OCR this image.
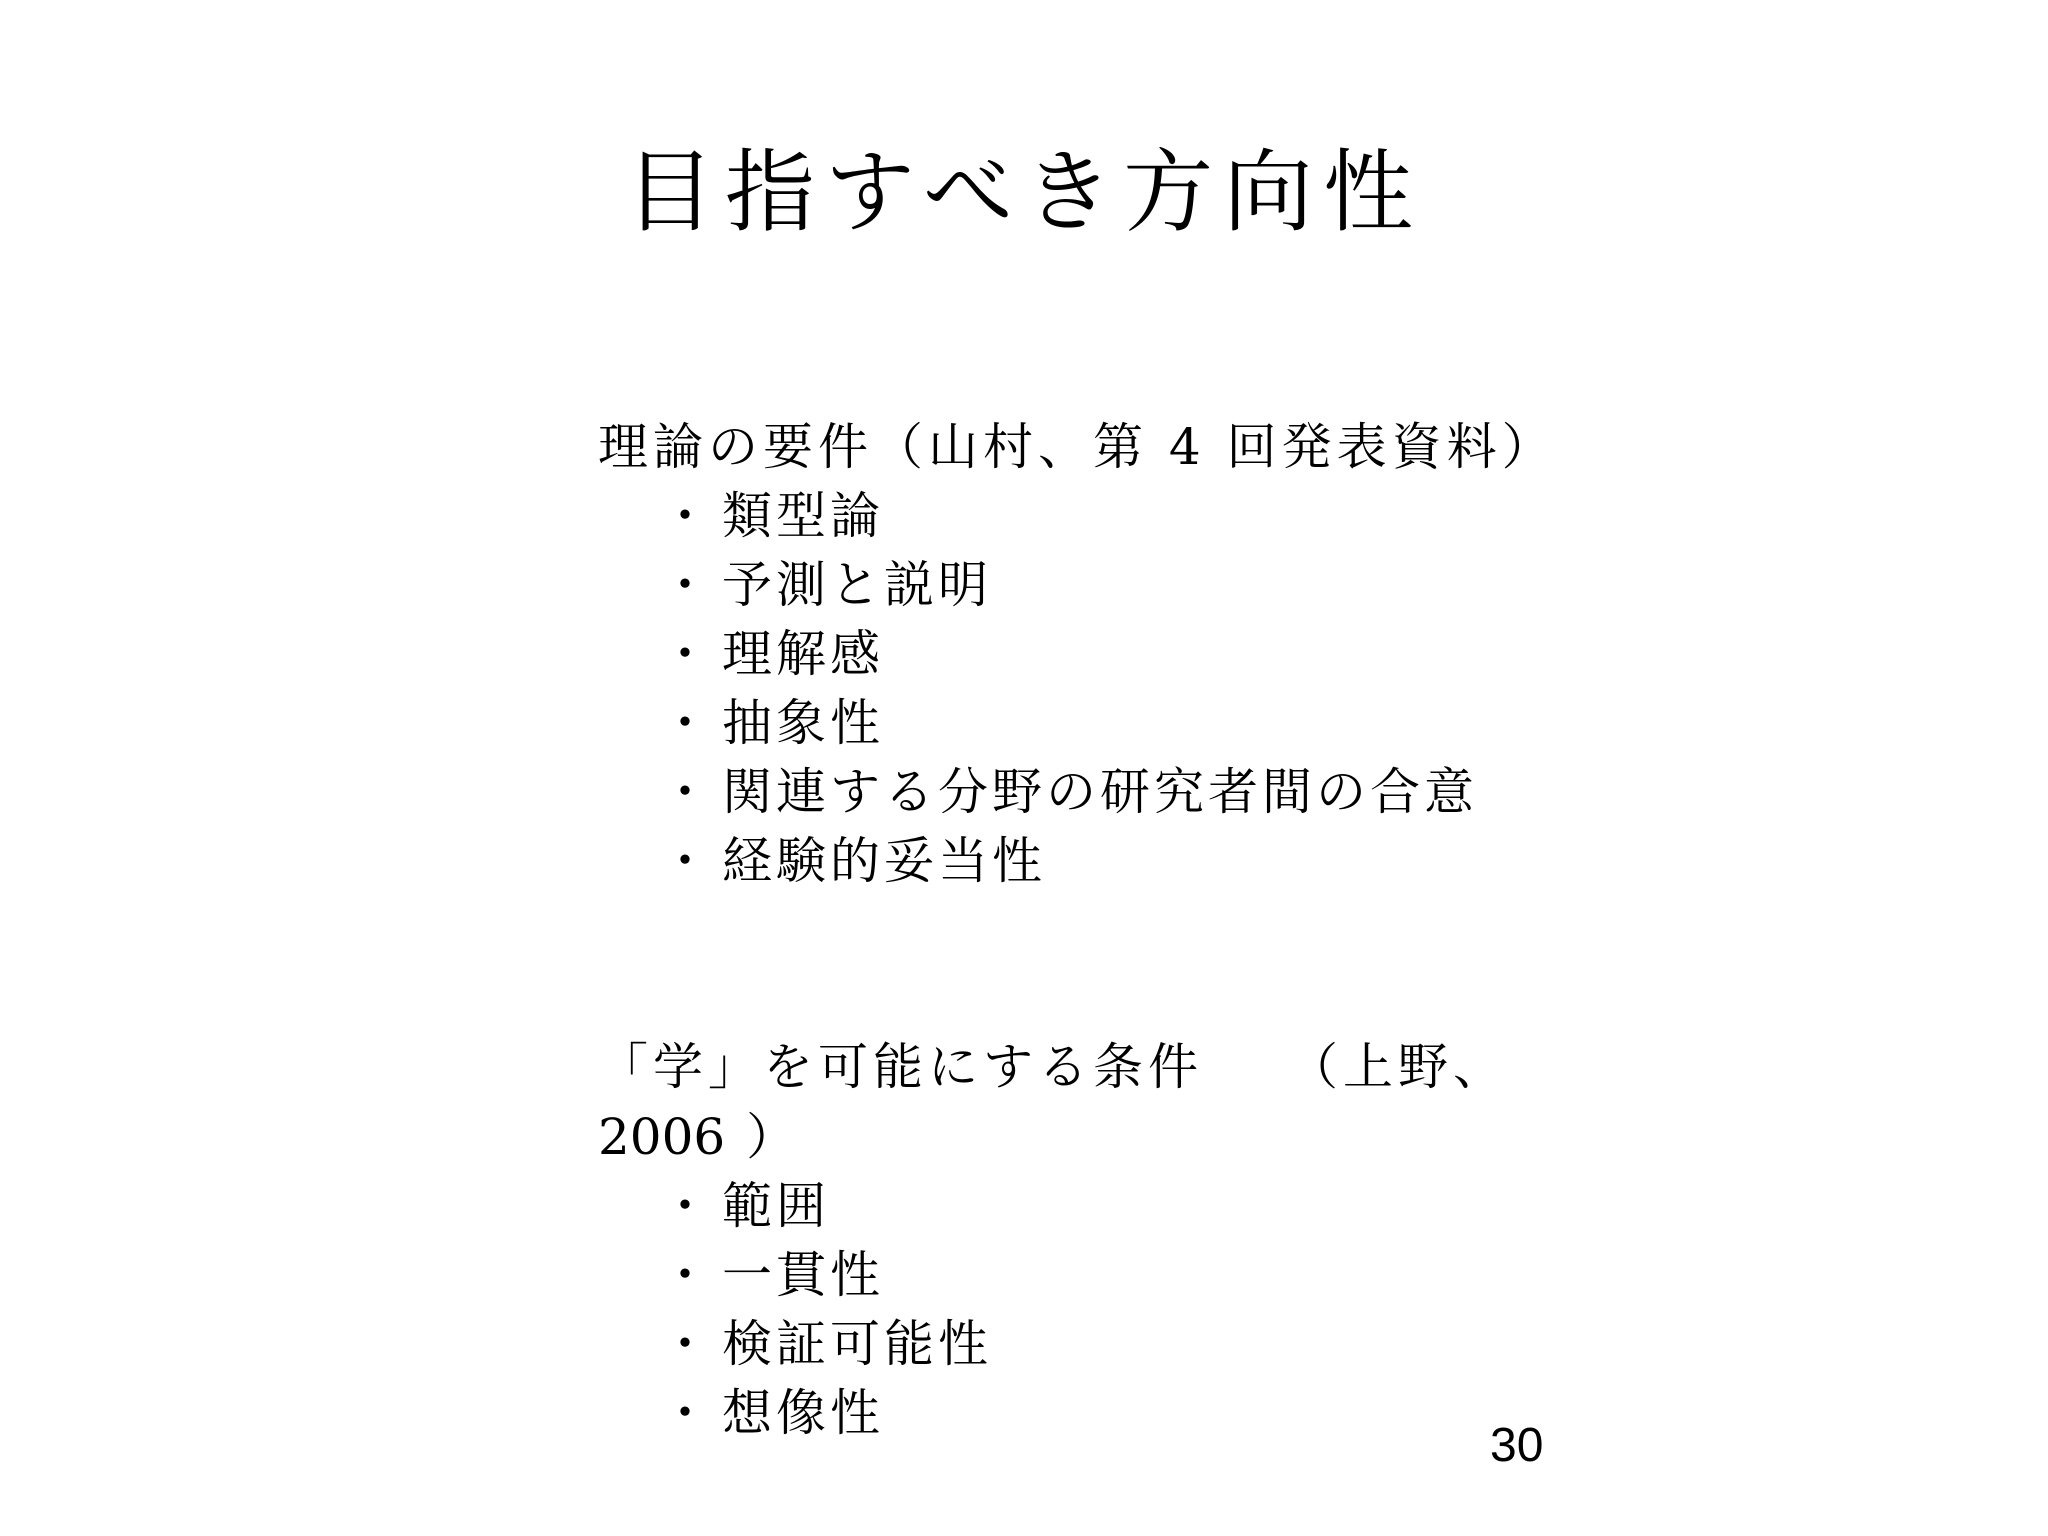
目指すべき方向性

理論の要件（山村、第 4 回発表資料）

・ 類型論
・ 予測と説明
・ 理解感
・ 抽象性
・ 関連する分野の研究者間の合意
・ 経験的妥当性

「学」を可能にする条件　　（上野、
2006 ）

・ 範囲
・ 一貫性
・ 検証可能性
・ 想像性
30
